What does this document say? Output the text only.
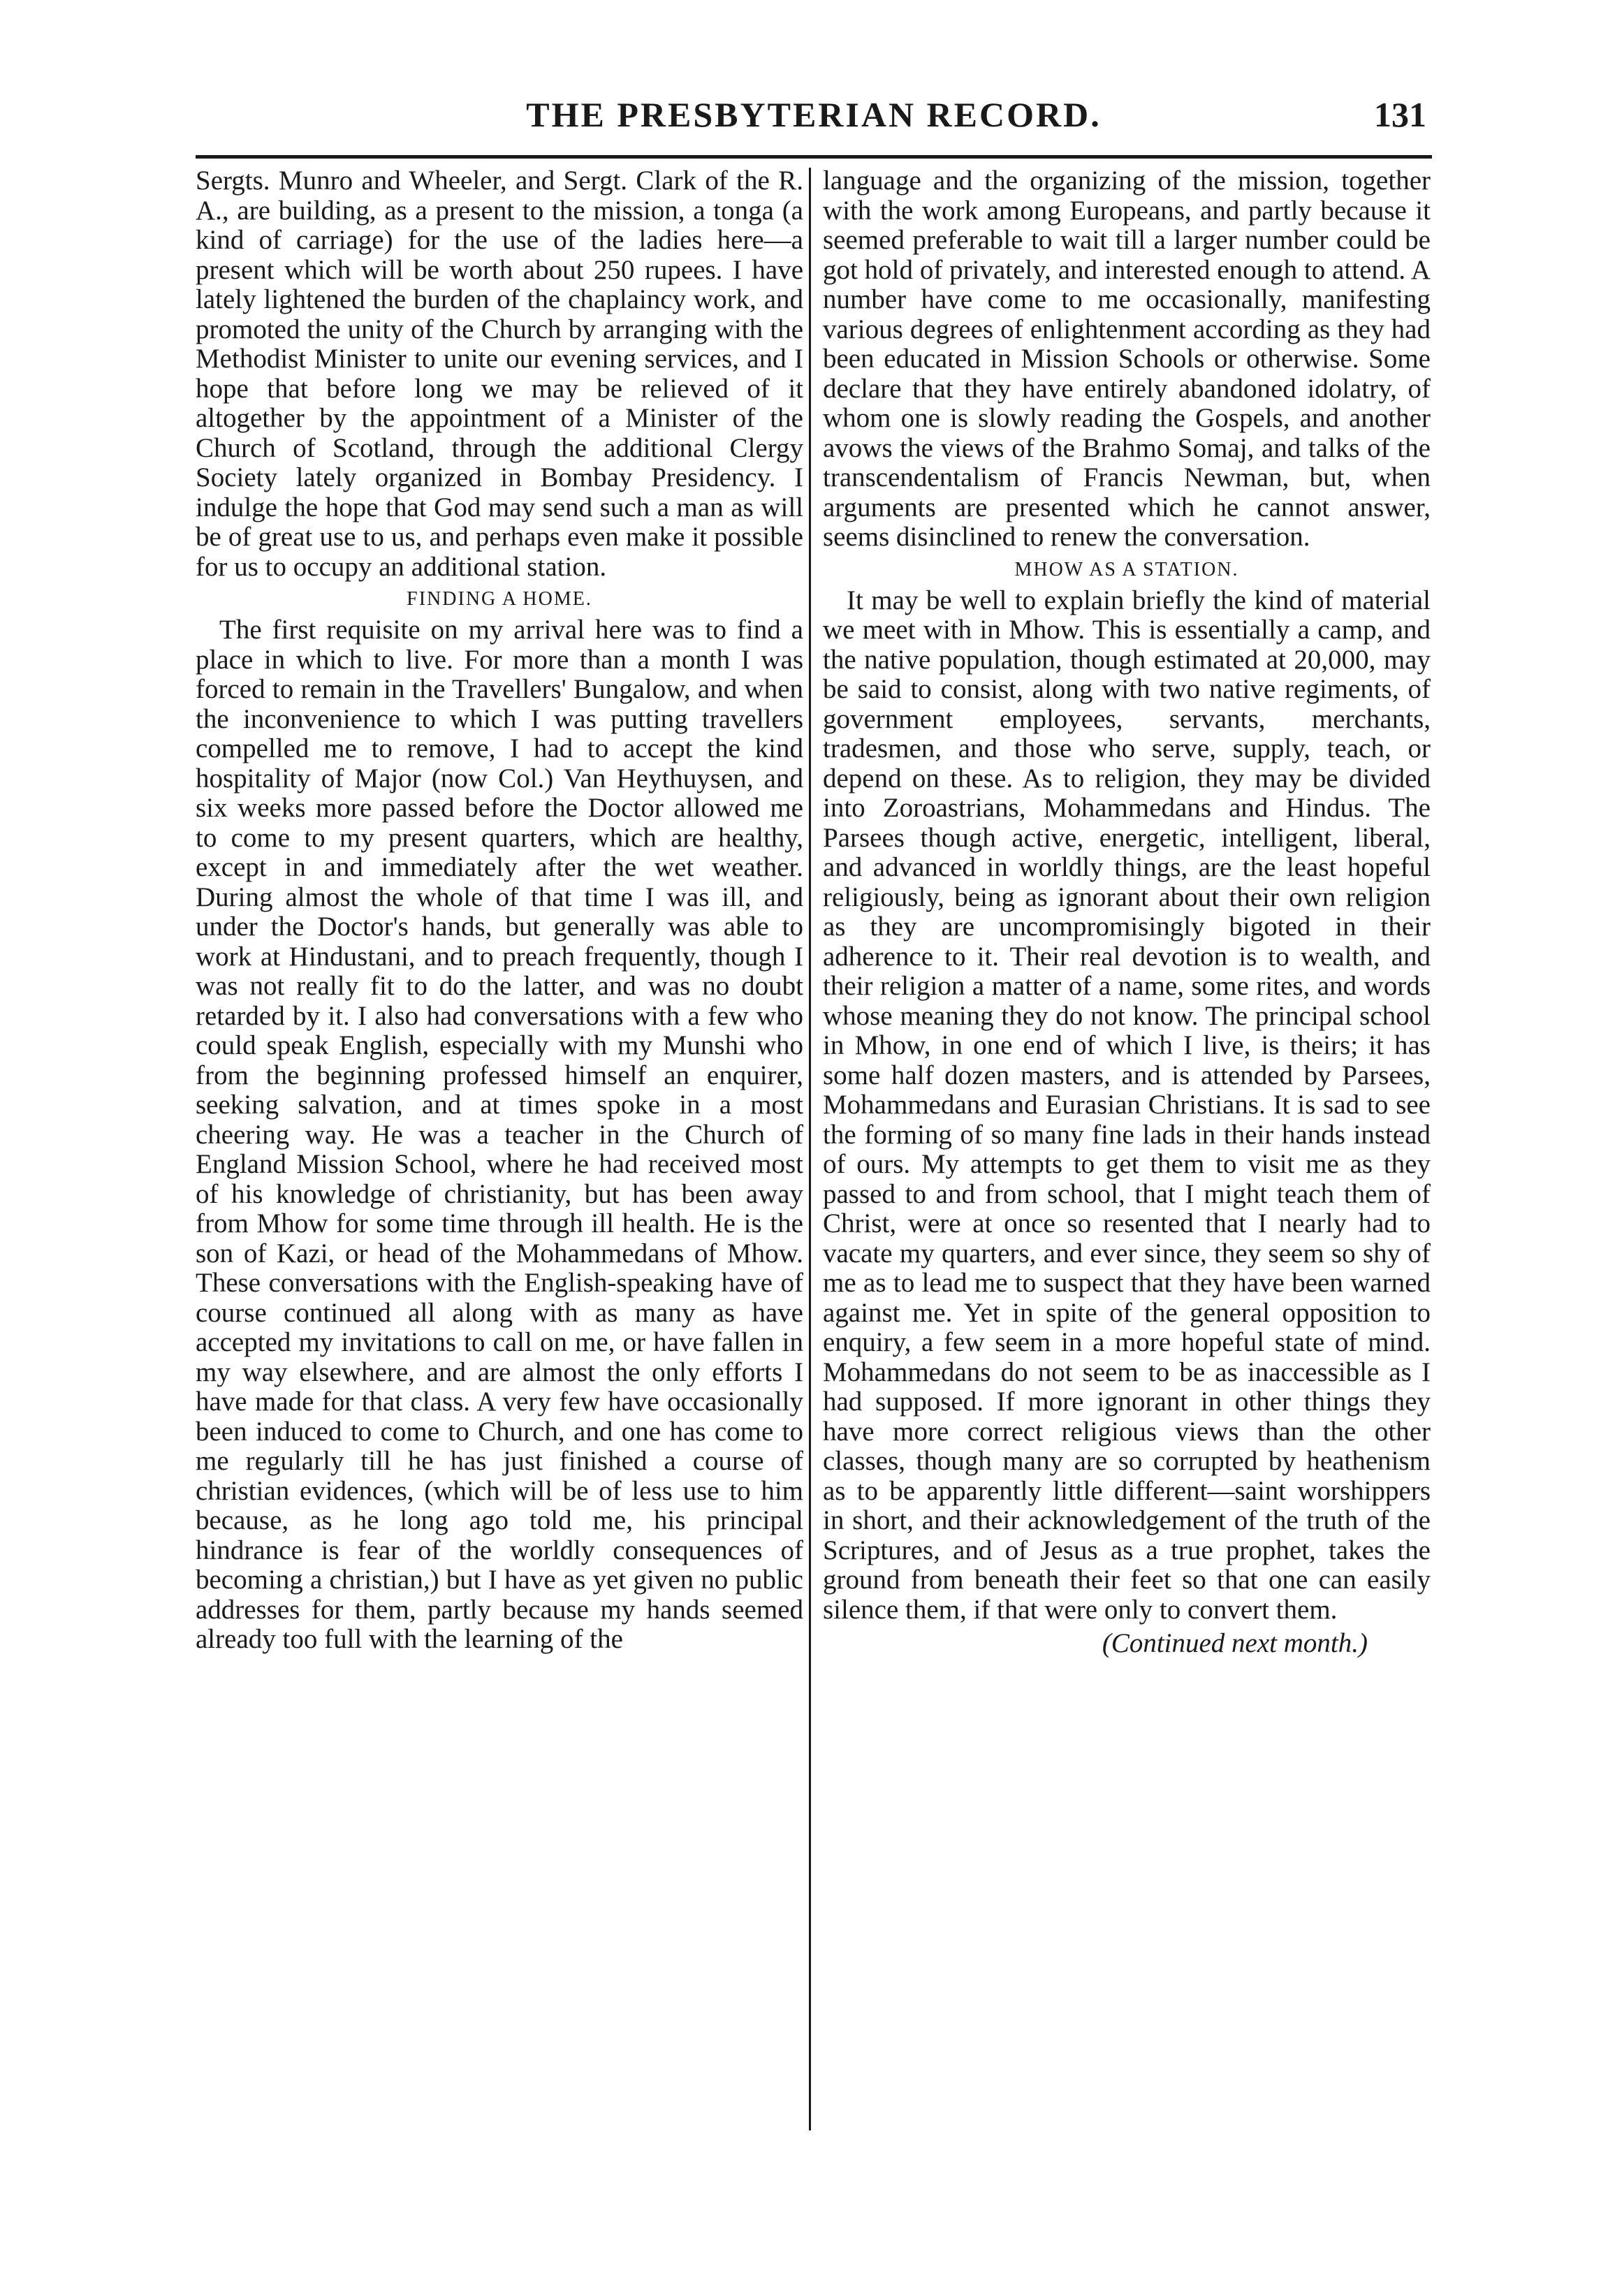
THE PRESBYTERIAN RECORD.	131

Sergts. Munro and Wheeler, and Sergt. Clark of the R. A., are building, as a present to the mission, a tonga (a kind of carriage) for the use of the ladies here—a present which will be worth about 250 rupees. I have lately lightened the burden of the chaplaincy work, and promoted the unity of the Church by arranging with the Methodist Minister to unite our evening services, and I hope that before long we may be relieved of it altogether by the appointment of a Minister of the Church of Scotland, through the additional Clergy Society lately organized in Bombay Presidency. I indulge the hope that God may send such a man as will be of great use to us, and perhaps even make it possible for us to occupy an additional station.

FINDING A HOME.

The first requisite on my arrival here was to find a place in which to live. For more than a month I was forced to remain in the Travellers' Bungalow, and when the inconvenience to which I was putting travellers compelled me to remove, I had to accept the kind hospitality of Major (now Col.) Van Heythuysen, and six weeks more passed before the Doctor allowed me to come to my present quarters, which are healthy, except in and immediately after the wet weather. During almost the whole of that time I was ill, and under the Doctor's hands, but generally was able to work at Hindustani, and to preach frequently, though I was not really fit to do the latter, and was no doubt retarded by it. I also had conversations with a few who could speak English, especially with my Munshi who from the beginning professed himself an enquirer, seeking salvation, and at times spoke in a most cheering way. He was a teacher in the Church of England Mission School, where he had received most of his knowledge of christianity, but has been away from Mhow for some time through ill health. He is the son of Kazi, or head of the Mohammedans of Mhow. These conversations with the English-speaking have of course continued all along with as many as have accepted my invitations to call on me, or have fallen in my way elsewhere, and are almost the only efforts I have made for that class. A very few have occasionally been induced to come to Church, and one has come to me regularly till he has just finished a course of christian evidences, (which will be of less use to him because, as he long ago told me, his principal hindrance is fear of the worldly consequences of becoming a christian,) but I have as yet given no public addresses for them, partly because my hands seemed already too full with the learning of the

language and the organizing of the mission, together with the work among Europeans, and partly because it seemed preferable to wait till a larger number could be got hold of privately, and interested enough to attend. A number have come to me occasionally, manifesting various degrees of enlightenment according as they had been educated in Mission Schools or otherwise. Some declare that they have entirely abandoned idolatry, of whom one is slowly reading the Gospels, and another avows the views of the Brahmo Somaj, and talks of the transcendentalism of Francis Newman, but, when arguments are presented which he cannot answer, seems disinclined to renew the conversation.

MHOW AS A STATION.

It may be well to explain briefly the kind of material we meet with in Mhow. This is essentially a camp, and the native population, though estimated at 20,000, may be said to consist, along with two native regiments, of government employees, servants, merchants, tradesmen, and those who serve, supply, teach, or depend on these. As to religion, they may be divided into Zoroastrians, Mohammedans and Hindus. The Parsees though active, energetic, intelligent, liberal, and advanced in worldly things, are the least hopeful religiously, being as ignorant about their own religion as they are uncompromisingly bigoted in their adherence to it. Their real devotion is to wealth, and their religion a matter of a name, some rites, and words whose meaning they do not know. The principal school in Mhow, in one end of which I live, is theirs; it has some half dozen masters, and is attended by Parsees, Mohammedans and Eurasian Christians. It is sad to see the forming of so many fine lads in their hands instead of ours. My attempts to get them to visit me as they passed to and from school, that I might teach them of Christ, were at once so resented that I nearly had to vacate my quarters, and ever since, they seem so shy of me as to lead me to suspect that they have been warned against me. Yet in spite of the general opposition to enquiry, a few seem in a more hopeful state of mind. Mohammedans do not seem to be as inaccessible as I had supposed. If more ignorant in other things they have more correct religious views than the other classes, though many are so corrupted by heathenism as to be apparently little different—saint worshippers in short, and their acknowledgement of the truth of the Scriptures, and of Jesus as a true prophet, takes the ground from beneath their feet so that one can easily silence them, if that were only to convert them.

(Continued next month.)
